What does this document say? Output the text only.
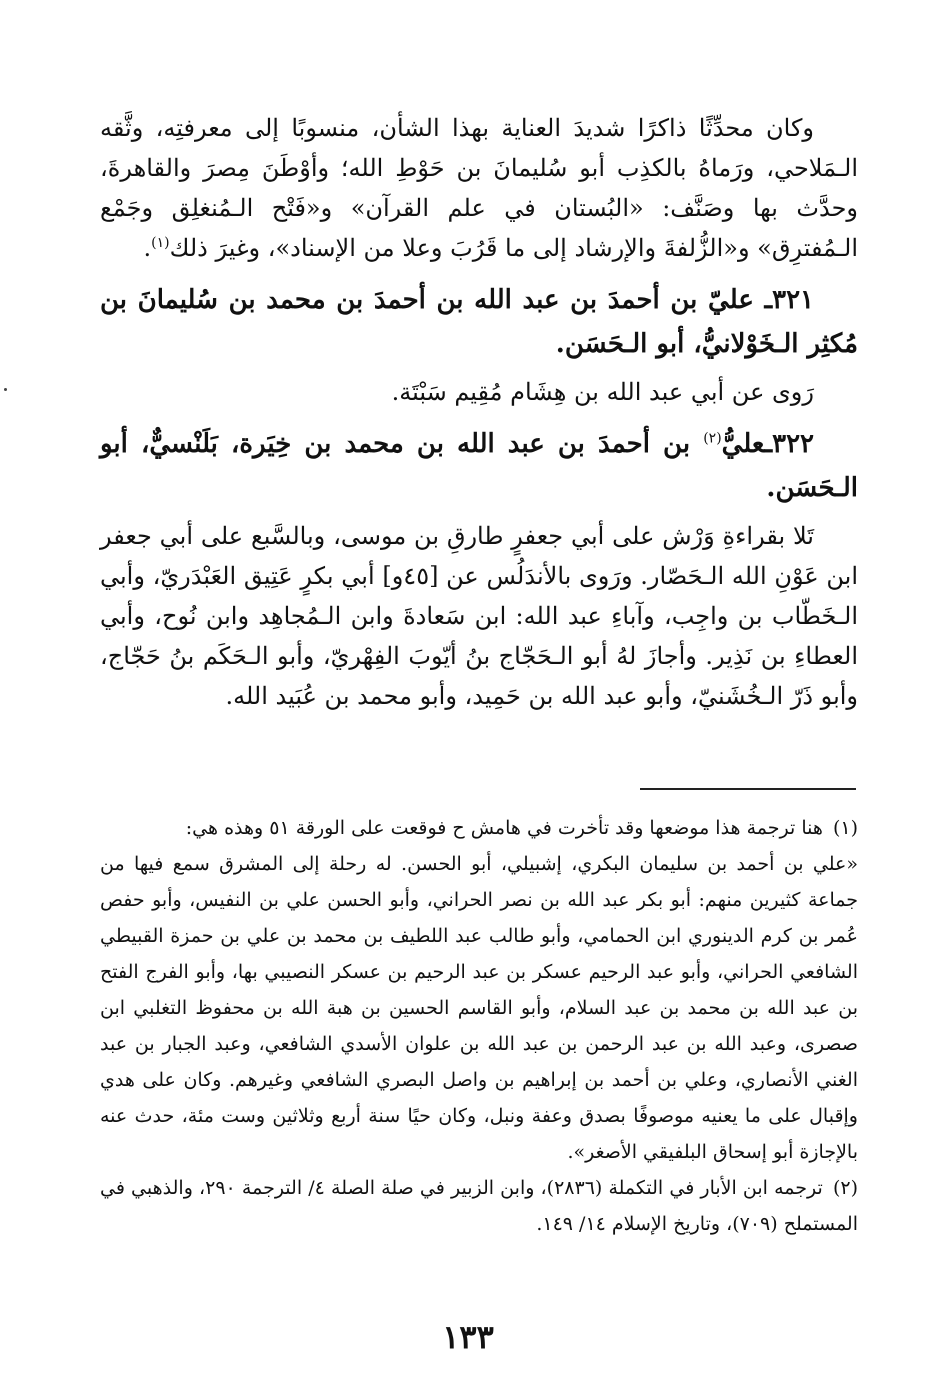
وكان محدِّثًا ذاكرًا شديدَ العناية بهذا الشأن، منسوبًا إلى معرفتِه، وثَّقه الـمَلاحي، ورَماهُ بالكذِب أبو سُليمانَ بن حَوْطِ الله؛ وأوْطَنَ مِصرَ والقاهرةَ، وحدَّث بها وصَنَّف: «البُستان في علم القرآن» و«فَتْح الـمُنغلِق وجَمْع الـمُفترِق» و«الزُّلفةَ والإرشاد إلى ما قَرُبَ وعلا من الإسناد»، وغيرَ ذلك$^{(١)}$.

٣٢١ـ عليّ بن أحمدَ بن عبد الله بن أحمدَ بن محمد بن سُليمانَ بن مُكثِر الـخَوْلانيُّ، أبو الـحَسَن.

رَوى عن أبي عبد الله بن هِشَام مُقِيم سَبْتَة.

٣٢٢ـعليُّ$^{(٢)}$ بن أحمدَ بن عبد الله بن محمد بن خِيَرة، بَلَنْسيٌّ، أبو الـحَسَن.

تَلا بقراءةِ وَرْش على أبي جعفرٍ طارقِ بن موسى، وبالسَّبع على أبي جعفر ابن عَوْنِ الله الـحَصّار. ورَوى بالأندَلُس عن [٤٥و] أبي بكرٍ عَتِيق العَبْدَريّ، وأبي الـخَطّاب بن واجِب، وآباءِ عبد الله: ابن سَعادةَ وابن الـمُجاهِد وابن نُوح، وأبي العطاءِ بن نَذِير. وأجازَ لهُ أبو الـحَجّاج بنُ أيّوبَ الفِهْريّ، وأبو الـحَكَم بنُ حَجّاج، وأبو ذَرّ الـخُشَنيّ، وأبو عبد الله بن حَمِيد، وأبو محمد بن عُبَيد الله.

(١) هنا ترجمة هذا موضعها وقد تأخرت في هامش ح فوقعت على الورقة ٥١ وهذه هي:

«علي بن أحمد بن سليمان البكري، إشبيلي، أبو الحسن. له رحلة إلى المشرق سمع فيها من جماعة كثيرين منهم: أبو بكر عبد الله بن نصر الحراني، وأبو الحسن علي بن النفيس، وأبو حفص عُمر بن كرم الدينوري ابن الحمامي، وأبو طالب عبد اللطيف بن محمد بن علي بن حمزة القبيطي الشافعي الحراني، وأبو عبد الرحيم عسكر بن عبد الرحيم بن عسكر النصيبي بها، وأبو الفرج الفتح بن عبد الله بن محمد بن عبد السلام، وأبو القاسم الحسين بن هبة الله بن محفوظ التغلبي ابن صصرى، وعبد الله بن عبد الرحمن بن عبد الله بن علوان الأسدي الشافعي، وعبد الجبار بن عبد الغني الأنصاري، وعلي بن أحمد بن إبراهيم بن واصل البصري الشافعي وغيرهم. وكان على هدي وإقبال على ما يعنيه موصوفًا بصدق وعفة ونبل، وكان حيًا سنة أربع وثلاثين وست مئة، حدث عنه بالإجازة أبو إسحاق البلفيقي الأصغر».

(٢) ترجمه ابن الأبار في التكملة (٢٨٣٦)، وابن الزبير في صلة الصلة ٤/ الترجمة ٢٩٠، والذهبي في المستملح (٧٠٩)، وتاريخ الإسلام ١٤/ ١٤٩.

١٣٣
